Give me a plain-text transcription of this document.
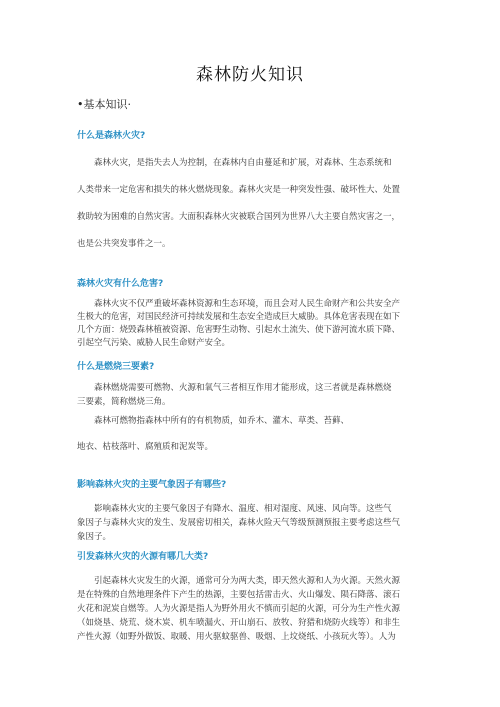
森林防火知识
•基本知识·
什么是森林火灾?
　　森林火灾，是指失去人为控制，在森林内自由蔓延和扩展，对森林、生态系统和
人类带来一定危害和损失的林火燃烧现象。森林火灾是一种突发性强、破坏性大、处置
救助较为困难的自然灾害。大面积森林火灾被联合国列为世界八大主要自然灾害之一，
也是公共突发事件之一。
森林火灾有什么危害?
　　森林火灾不仅严重破坏森林资源和生态环境，而且会对人民生命财产和公共安全产
生极大的危害，对国民经济可持续发展和生态安全造成巨大威胁。具体危害表现在如下
几个方面：烧毁森林植被资源、危害野生动物、引起水土流失、使下游河流水质下降、
引起空气污染、威胁人民生命财产安全。
什么是燃烧三要素?
　　森林燃烧需要可燃物、火源和氧气三者相互作用才能形成，这三者就是森林燃烧
三要素，简称燃烧三角。
　　森林可燃物指森林中所有的有机物质，如乔木、灌木、草类、苔藓、
地衣、枯枝落叶、腐殖质和泥炭等。
影响森林火灾的主要气象因子有哪些?
　　影响森林火灾的主要气象因子有降水、温度、相对湿度、风速、风向等。这些气
象因子与森林火灾的发生、发展密切相关，森林火险天气等级预测预报主要考虑这些气
象因子。
引发森林火灾的火源有哪几大类?
　　引起森林火灾发生的火源，通常可分为两大类，即天然火源和人为火源。天然火源
是在特殊的自然地理条件下产生的热源，主要包括雷击火、火山爆发、陨石降落、滚石
火花和泥炭自燃等。人为火源是指人为野外用火不慎而引起的火源，可分为生产性火源
（如烧垦、烧荒、烧木炭、机车喷漏火、开山崩石、放牧、狩猎和烧防火线等）和非生
产性火源（如野外做饭、取暖、用火驱蚊驱兽、吸烟、上坟烧纸、小孩玩火等）。人为
